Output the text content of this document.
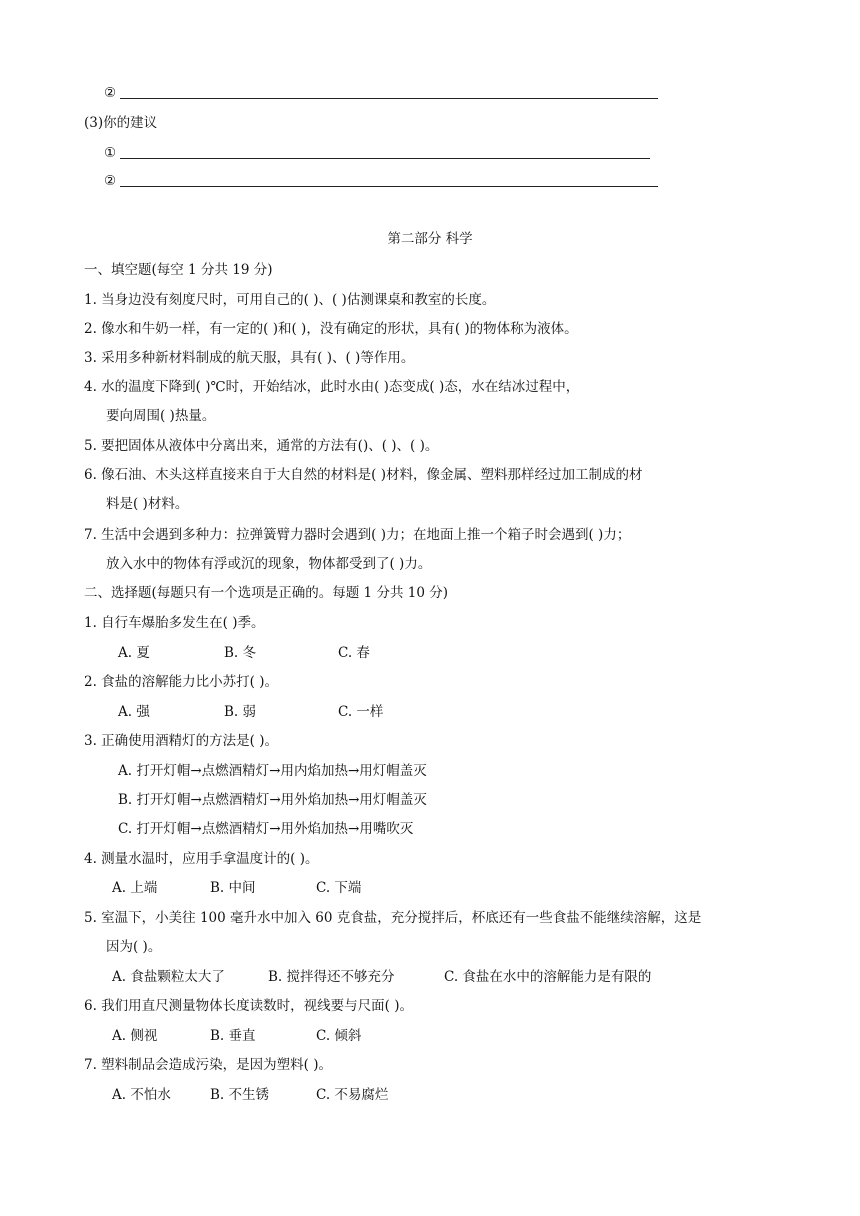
②
(3)你的建议
①
②
第二部分 科学
一、填空题(每空 1 分共 19 分)
1. 当身边没有刻度尺时，可用自己的( )、( )估测课桌和教室的长度。
2. 像水和牛奶一样，有一定的( )和( )，没有确定的形状，具有( )的物体称为液体。
3. 采用多种新材料制成的航天服，具有( )、( )等作用。
4. 水的温度下降到( )℃时，开始结冰，此时水由( )态变成( )态，水在结冰过程中，
要向周围( )热量。
5. 要把固体从液体中分离出来，通常的方法有()、( )、( )。
6. 像石油、木头这样直接来自于大自然的材料是( )材料，像金属、塑料那样经过加工制成的材
料是( )材料。
7. 生活中会遇到多种力：拉弹簧臂力器时会遇到( )力；在地面上推一个箱子时会遇到( )力；
放入水中的物体有浮或沉的现象，物体都受到了( )力。
二、选择题(每题只有一个选项是正确的。每题 1 分共 10 分)
1. 自行车爆胎多发生在( )季。
A. 夏	B. 冬	C. 春
2. 食盐的溶解能力比小苏打( )。
A. 强	B. 弱	C. 一样
3. 正确使用酒精灯的方法是( )。
A. 打开灯帽→点燃酒精灯→用内焰加热→用灯帽盖灭
B. 打开灯帽→点燃酒精灯→用外焰加热→用灯帽盖灭
C. 打开灯帽→点燃酒精灯→用外焰加热→用嘴吹灭
4. 测量水温时，应用手拿温度计的( )。
A. 上端	B. 中间	C. 下端
5. 室温下，小美往 100 毫升水中加入 60 克食盐，充分搅拌后，杯底还有一些食盐不能继续溶解，这是
因为( )。
A. 食盐颗粒太大了	B. 搅拌得还不够充分	C. 食盐在水中的溶解能力是有限的
6. 我们用直尺测量物体长度读数时，视线要与尺面( )。
A. 侧视	B. 垂直	C. 倾斜
7. 塑料制品会造成污染，是因为塑料( )。
A. 不怕水	B. 不生锈	C. 不易腐烂
